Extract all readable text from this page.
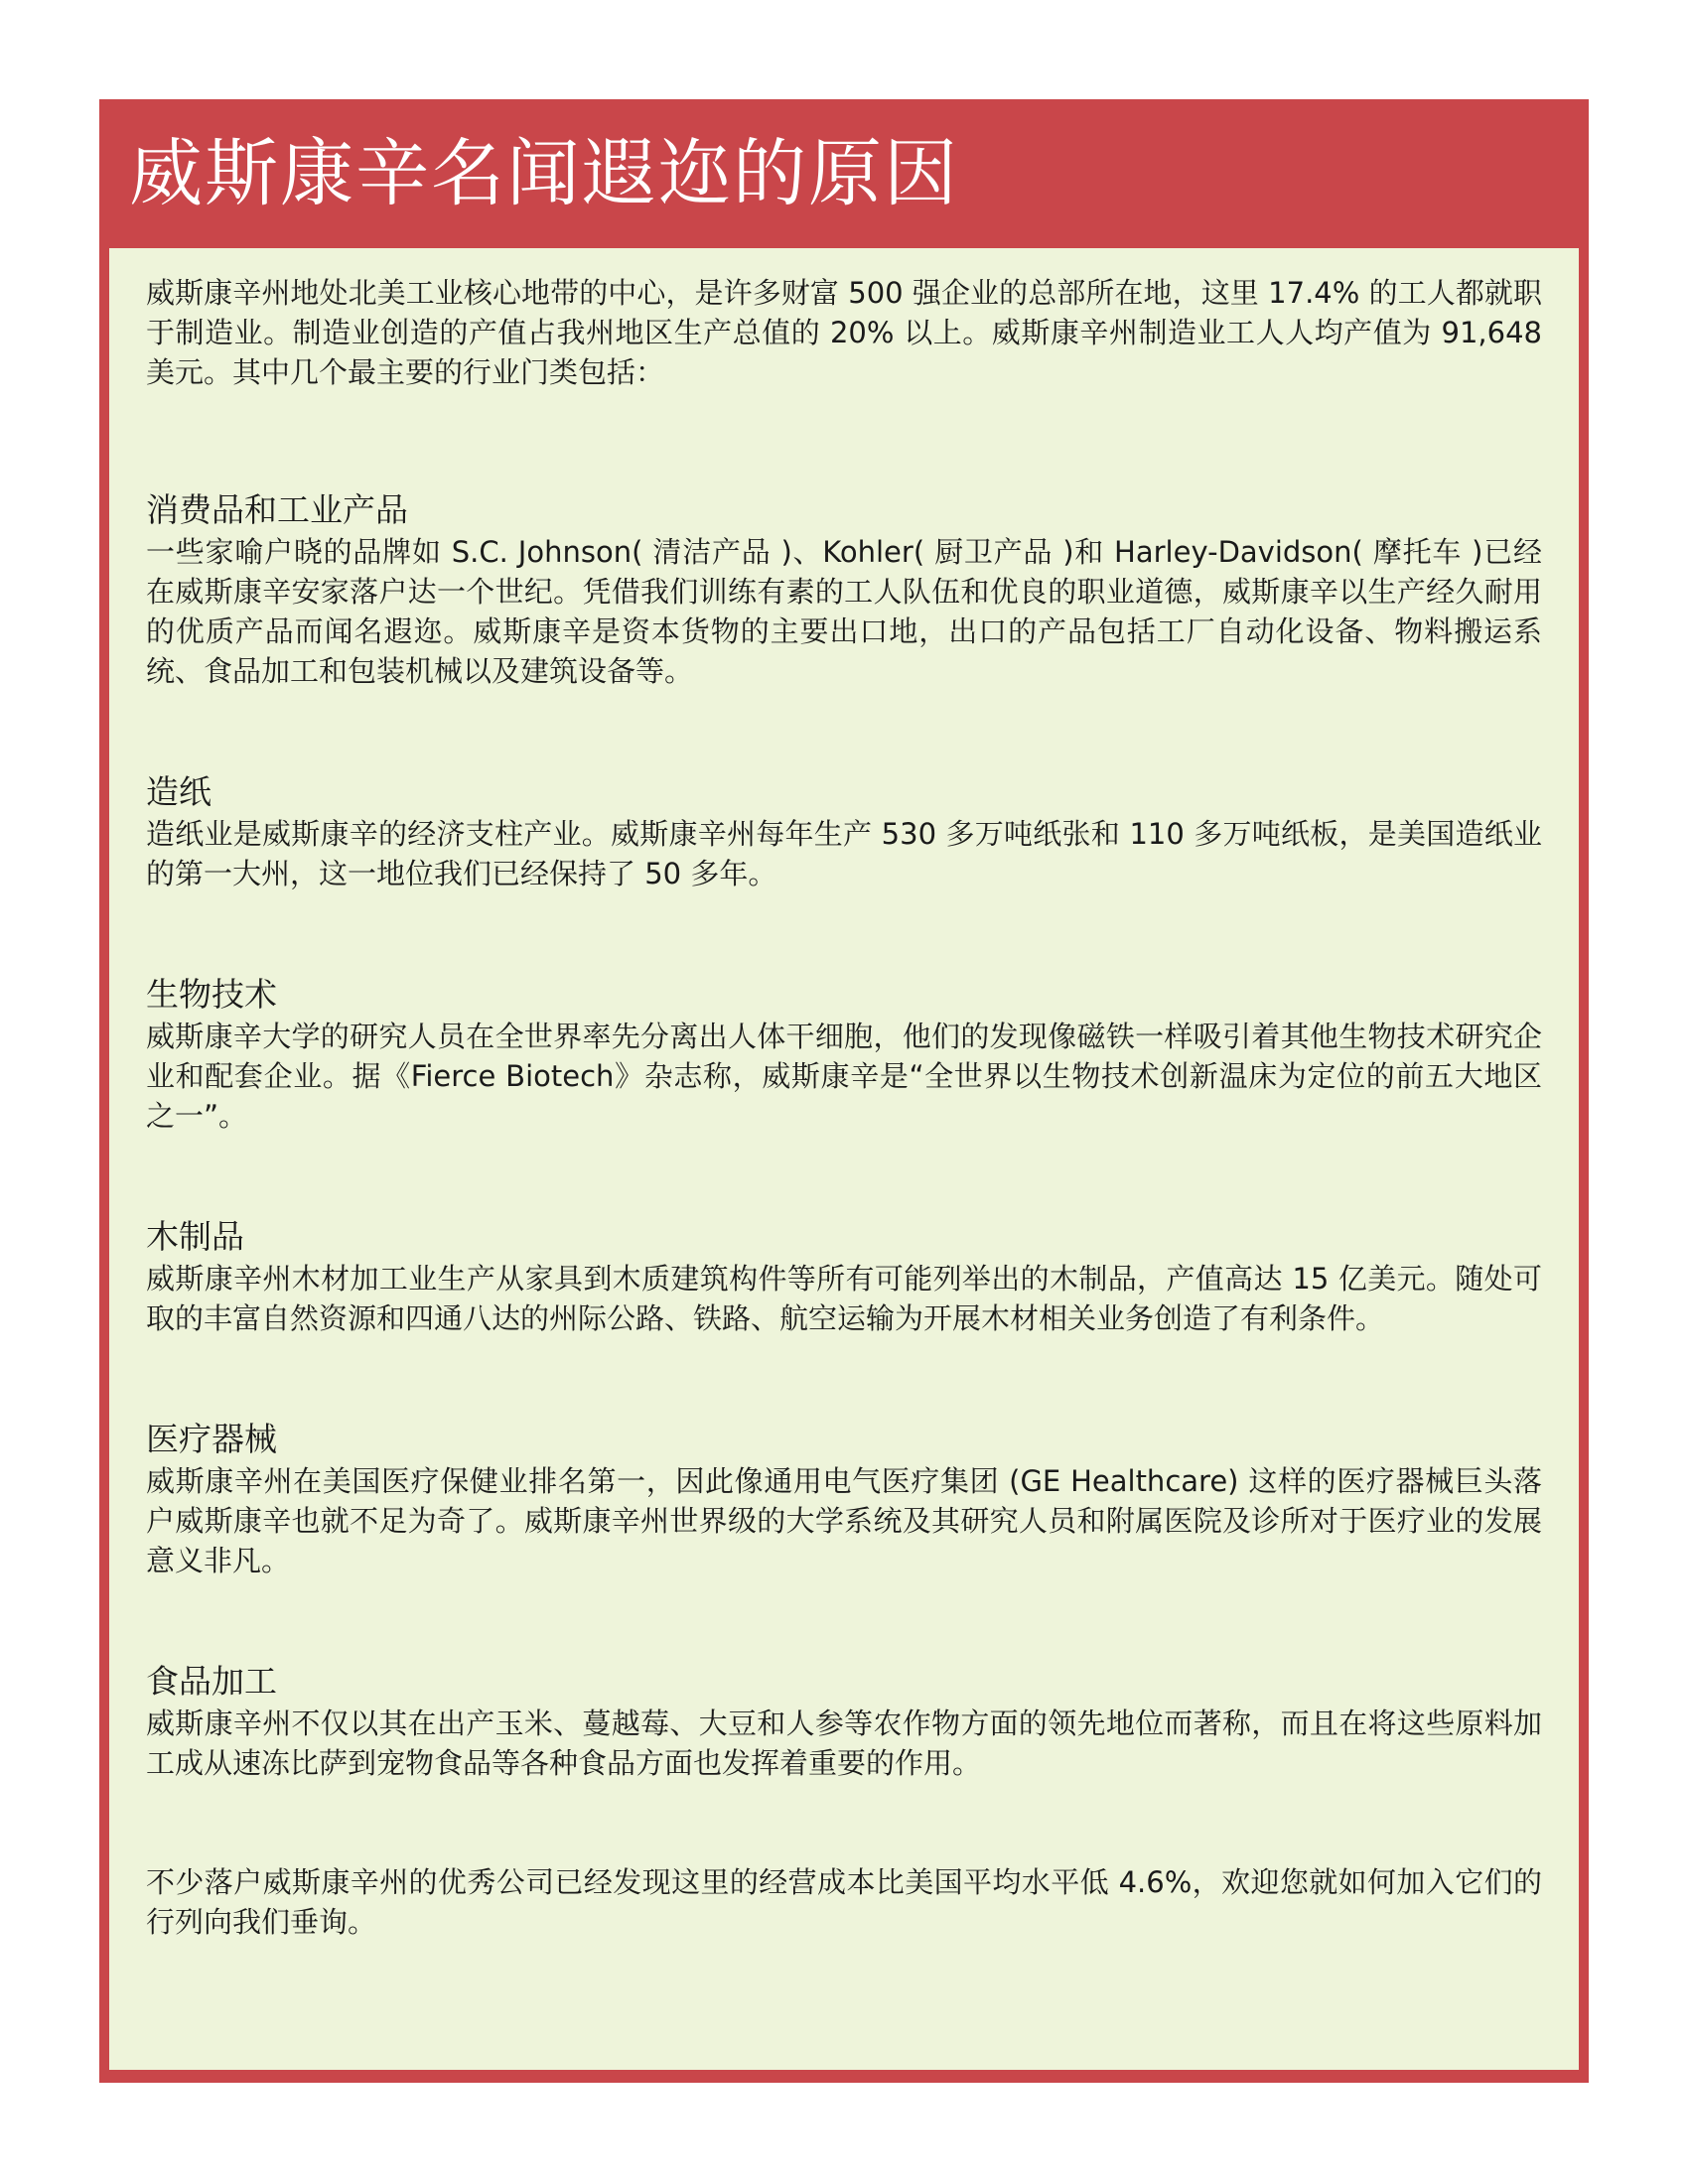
威斯康辛名闻遐迩的原因

威斯康辛州地处北美工业核心地带的中心，是许多财富 500 强企业的总部所在地，这里 17.4% 的工人都就职于制造业。制造业创造的产值占我州地区生产总值的 20% 以上。威斯康辛州制造业工人人均产值为 91,648美元。其中几个最主要的行业门类包括：

消费品和工业产品

一些家喻户晓的品牌如 S.C. Johnson( 清洁产品 )、Kohler( 厨卫产品 )和 Harley-Davidson( 摩托车 )已经在威斯康辛安家落户达一个世纪。凭借我们训练有素的工人队伍和优良的职业道德，威斯康辛以生产经久耐用的优质产品而闻名遐迩。威斯康辛是资本货物的主要出口地，出口的产品包括工厂自动化设备、物料搬运系统、食品加工和包装机械以及建筑设备等。

造纸

造纸业是威斯康辛的经济支柱产业。威斯康辛州每年生产 530 多万吨纸张和 110 多万吨纸板，是美国造纸业的第一大州，这一地位我们已经保持了 50 多年。

生物技术

威斯康辛大学的研究人员在全世界率先分离出人体干细胞，他们的发现像磁铁一样吸引着其他生物技术研究企业和配套企业。据《Fierce Biotech》杂志称，威斯康辛是“全世界以生物技术创新温床为定位的前五大地区之一”。

木制品

威斯康辛州木材加工业生产从家具到木质建筑构件等所有可能列举出的木制品，产值高达 15 亿美元。随处可取的丰富自然资源和四通八达的州际公路、铁路、航空运输为开展木材相关业务创造了有利条件。

医疗器械

威斯康辛州在美国医疗保健业排名第一，因此像通用电气医疗集团 (GE Healthcare) 这样的医疗器械巨头落户威斯康辛也就不足为奇了。威斯康辛州世界级的大学系统及其研究人员和附属医院及诊所对于医疗业的发展意义非凡。

食品加工

威斯康辛州不仅以其在出产玉米、蔓越莓、大豆和人参等农作物方面的领先地位而著称，而且在将这些原料加工成从速冻比萨到宠物食品等各种食品方面也发挥着重要的作用。

不少落户威斯康辛州的优秀公司已经发现这里的经营成本比美国平均水平低 4.6%，欢迎您就如何加入它们的行列向我们垂询。
